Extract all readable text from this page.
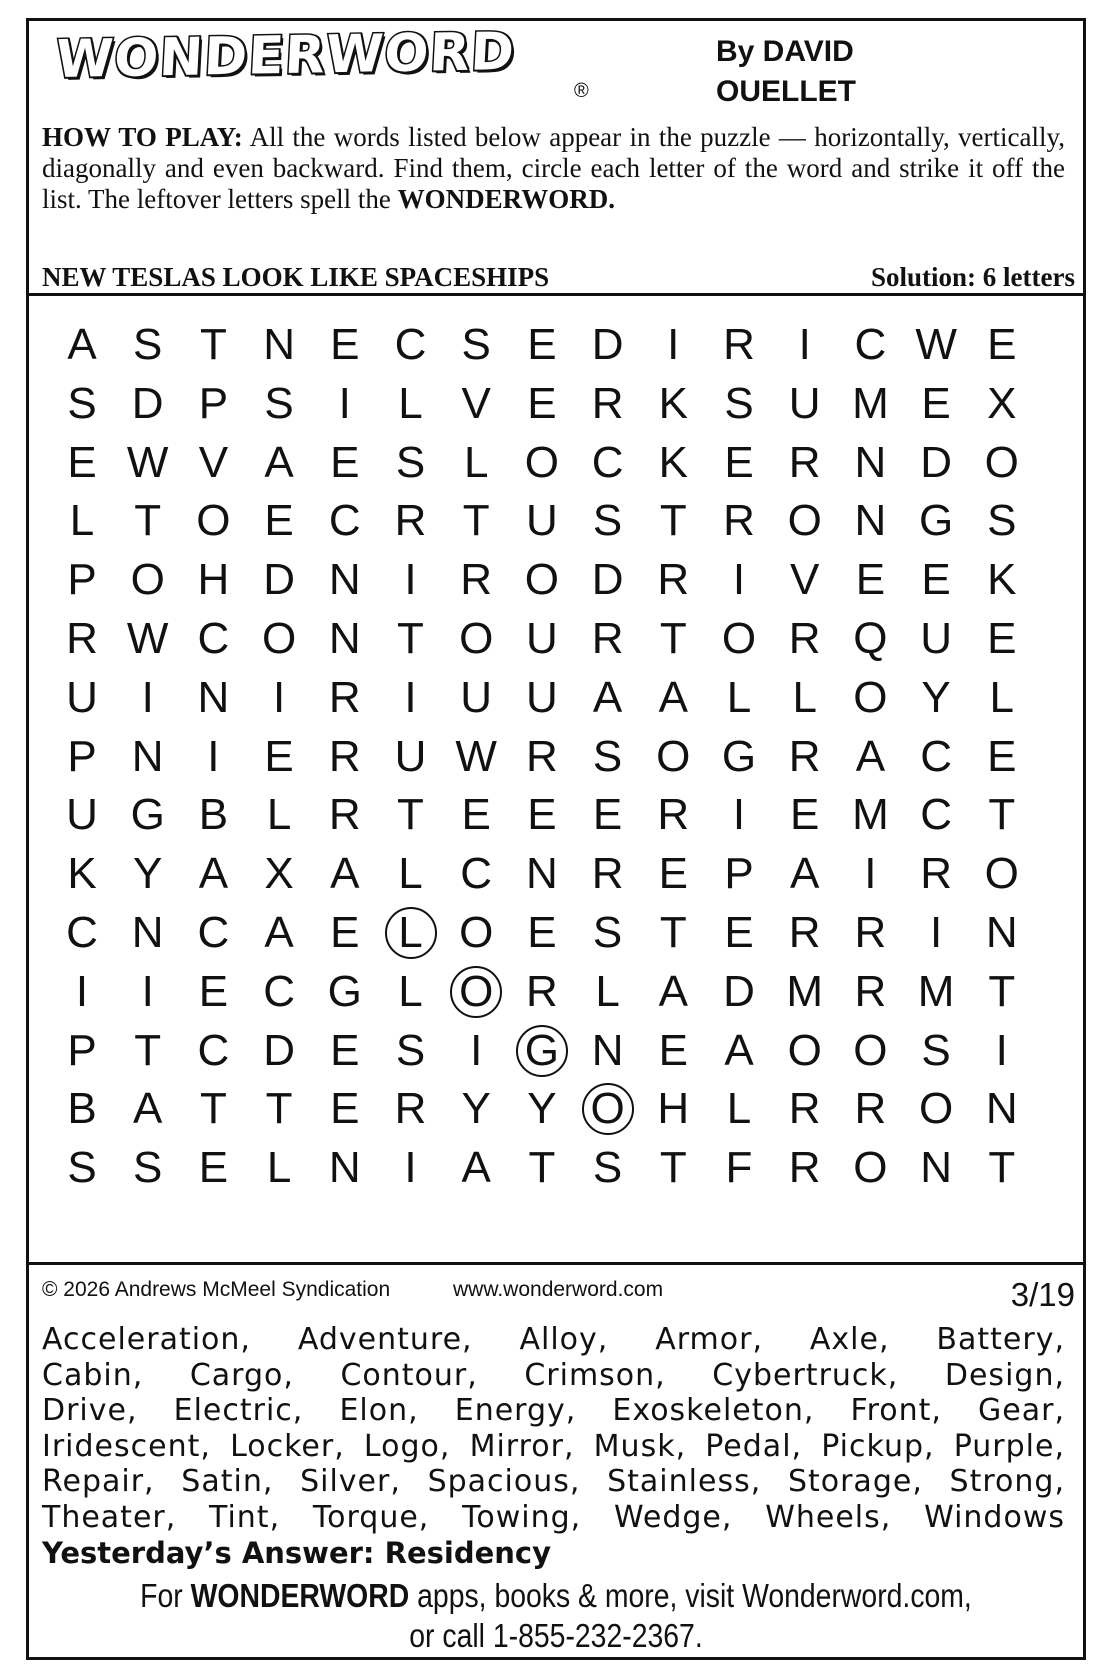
WONDERWORD
®
By DAVID OUELLET
HOW TO PLAY: All the words listed below appear in the puzzle — horizontally, vertically, diagonally and even backward. Find them, circle each letter of the word and strike it off the list. The leftover letters spell the WONDERWORD.
NEW TESLAS LOOK LIKE SPACESHIPS	Solution: 6 letters
A S T N E C S E D I R I C W E
S D P S	I	L V E R K S U M E X
E W V A E S L O C K E R N D O
L T O E C R T U S T R O N G S
P O H D N I R O D R I	V E E K
R W C O N T O U R T O R Q U E
U I N I R I U U A A L L O Y L
P N I	E R U W R S O G R A C E
U G B L R T E E E R I	E M C T
K Y A X A L C N R E P A	I R O
C N C A E L O E S T E R R I N
I	I	E C G L O R L A D M R M T
P T C D E S	I G N E A O O S	I
B A T T E R Y Y O H L R R O N
S S E L N I	A T S T F R O N T
© 2026 Andrews McMeel Syndication	www.wonderword.com	3/19
Acceleration, Adventure, Alloy, Armor, Axle, Battery,
Cabin, Cargo, Contour, Crimson, Cybertruck, Design,
Drive, Electric, Elon, Energy, Exoskeleton, Front, Gear,
Iridescent, Locker, Logo, Mirror, Musk, Pedal, Pickup, Purple,
Repair, Satin, Silver, Spacious, Stainless, Storage, Strong,
Theater, Tint, Torque, Towing, Wedge, Wheels, Windows
Yesterday’s Answer: Residency
For WONDERWORD apps, books & more, visit Wonderword.com,
or call 1-855-232-2367.
